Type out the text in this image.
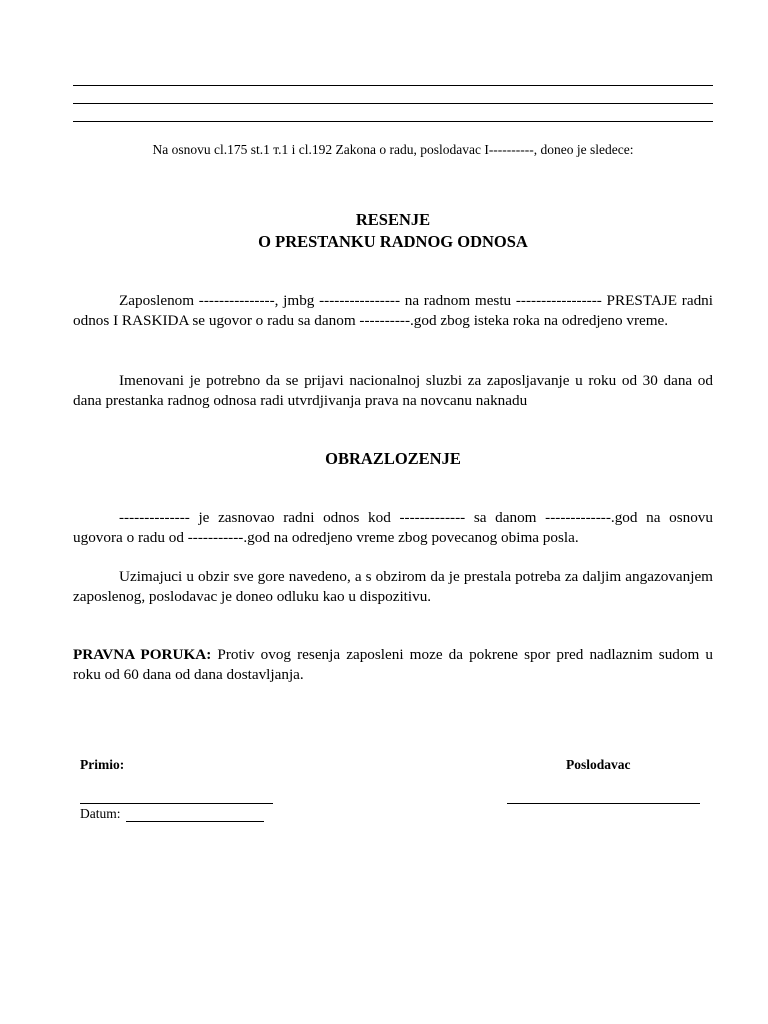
Na osnovu cl.175 st.1 т.1 i cl.192 Zakona o radu, poslodavac I----------, doneo je sledece:

RESENJE

O PRESTANKU RADNOG ODNOSA

Zaposlenom ---------------, jmbg ---------------- na radnom mestu ----------------- PRESTAJE radni odnos I RASKIDA se ugovor o radu sa danom ----------.god zbog isteka roka na odredjeno vreme.

Imenovani je potrebno da se prijavi nacionalnoj sluzbi za zaposljavanje u roku od 30 dana od dana prestanka radnog odnosa radi utvrdjivanja prava na novcanu naknadu

OBRAZLOZENJE

-------------- je zasnovao radni odnos kod ------------- sa danom -------------.god na osnovu ugovora o radu od -----------.god na odredjeno vreme zbog povecanog obima posla.

Uzimajuci u obzir sve gore navedeno, a s obzirom da je prestala potreba za daljim angazovanjem zaposlenog, poslodavac je doneo odluku kao u dispozitivu.

PRAVNA PORUKA: Protiv ovog resenja zaposleni moze da pokrene spor pred nadlaznim sudom u roku od 60 dana od dana dostavljanja.

Primio:	Poslodavac

Datum:
